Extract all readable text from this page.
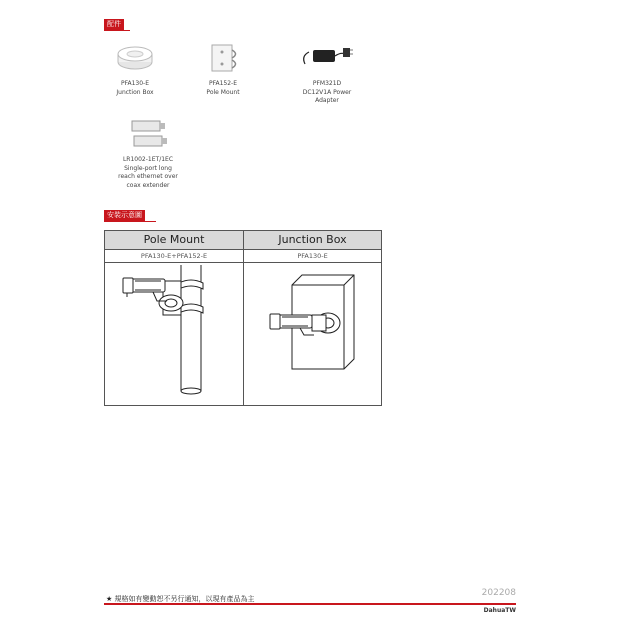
配件
PFA130-E
Junction Box
PFA152-E
Pole Mount
PFM321D
DC12V1A Power
Adapter
LR1002-1ET/1EC
Single-port long
reach ethernet over
coax extender
安裝示意圖
Pole Mount	Junction Box
PFA130-E+PFA152-E	PFA130-E
★ 規格如有變動恕不另行通知，以現有產品為主
202208
DahuaTW
